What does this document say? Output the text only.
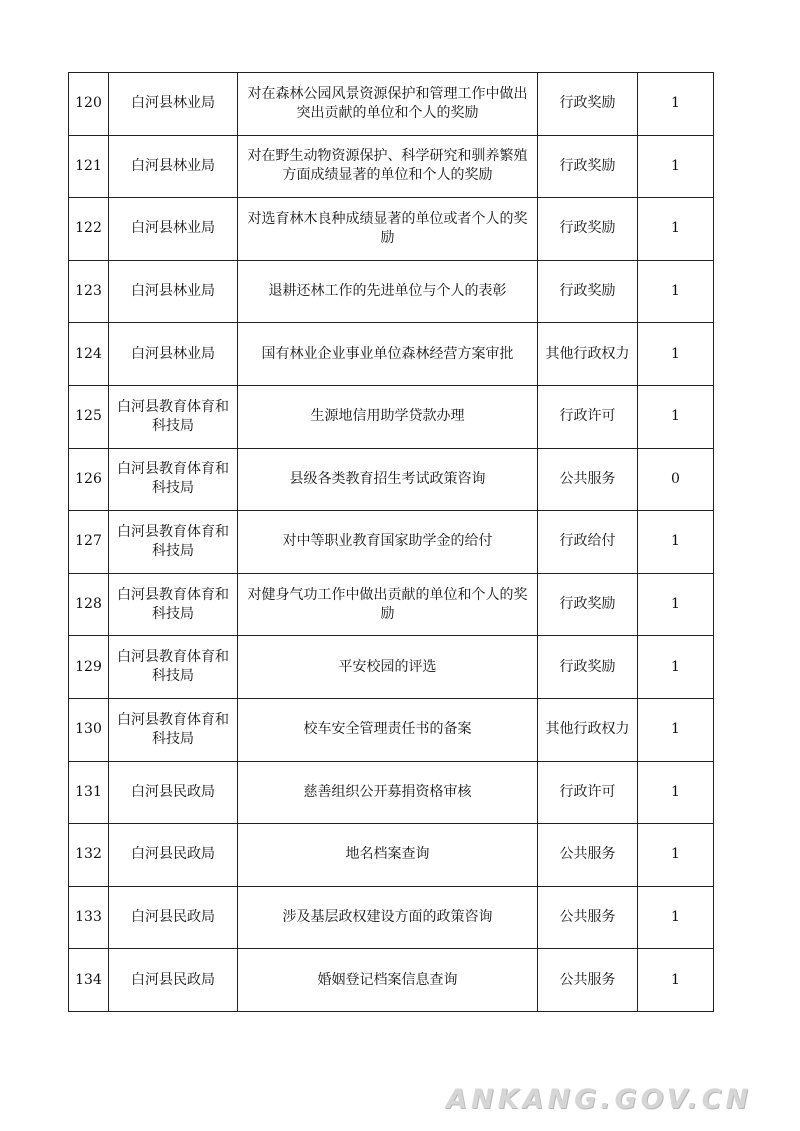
120	白河县林业局	对在森林公园风景资源保护和管理工作中做出突出贡献的单位和个人的奖励	行政奖励	1
121	白河县林业局	对在野生动物资源保护、科学研究和驯养繁殖方面成绩显著的单位和个人的奖励	行政奖励	1
122	白河县林业局	对选育林木良种成绩显著的单位或者个人的奖励	行政奖励	1
123	白河县林业局	退耕还林工作的先进单位与个人的表彰	行政奖励	1
124	白河县林业局	国有林业企业事业单位森林经营方案审批	其他行政权力	1
125	白河县教育体育和科技局	生源地信用助学贷款办理	行政许可	1
126	白河县教育体育和科技局	县级各类教育招生考试政策咨询	公共服务	0
127	白河县教育体育和科技局	对中等职业教育国家助学金的给付	行政给付	1
128	白河县教育体育和科技局	对健身气功工作中做出贡献的单位和个人的奖励	行政奖励	1
129	白河县教育体育和科技局	平安校园的评选	行政奖励	1
130	白河县教育体育和科技局	校车安全管理责任书的备案	其他行政权力	1
131	白河县民政局	慈善组织公开募捐资格审核	行政许可	1
132	白河县民政局	地名档案查询	公共服务	1
133	白河县民政局	涉及基层政权建设方面的政策咨询	公共服务	1
134	白河县民政局	婚姻登记档案信息查询	公共服务	1
ANKANG.GOV.CN
